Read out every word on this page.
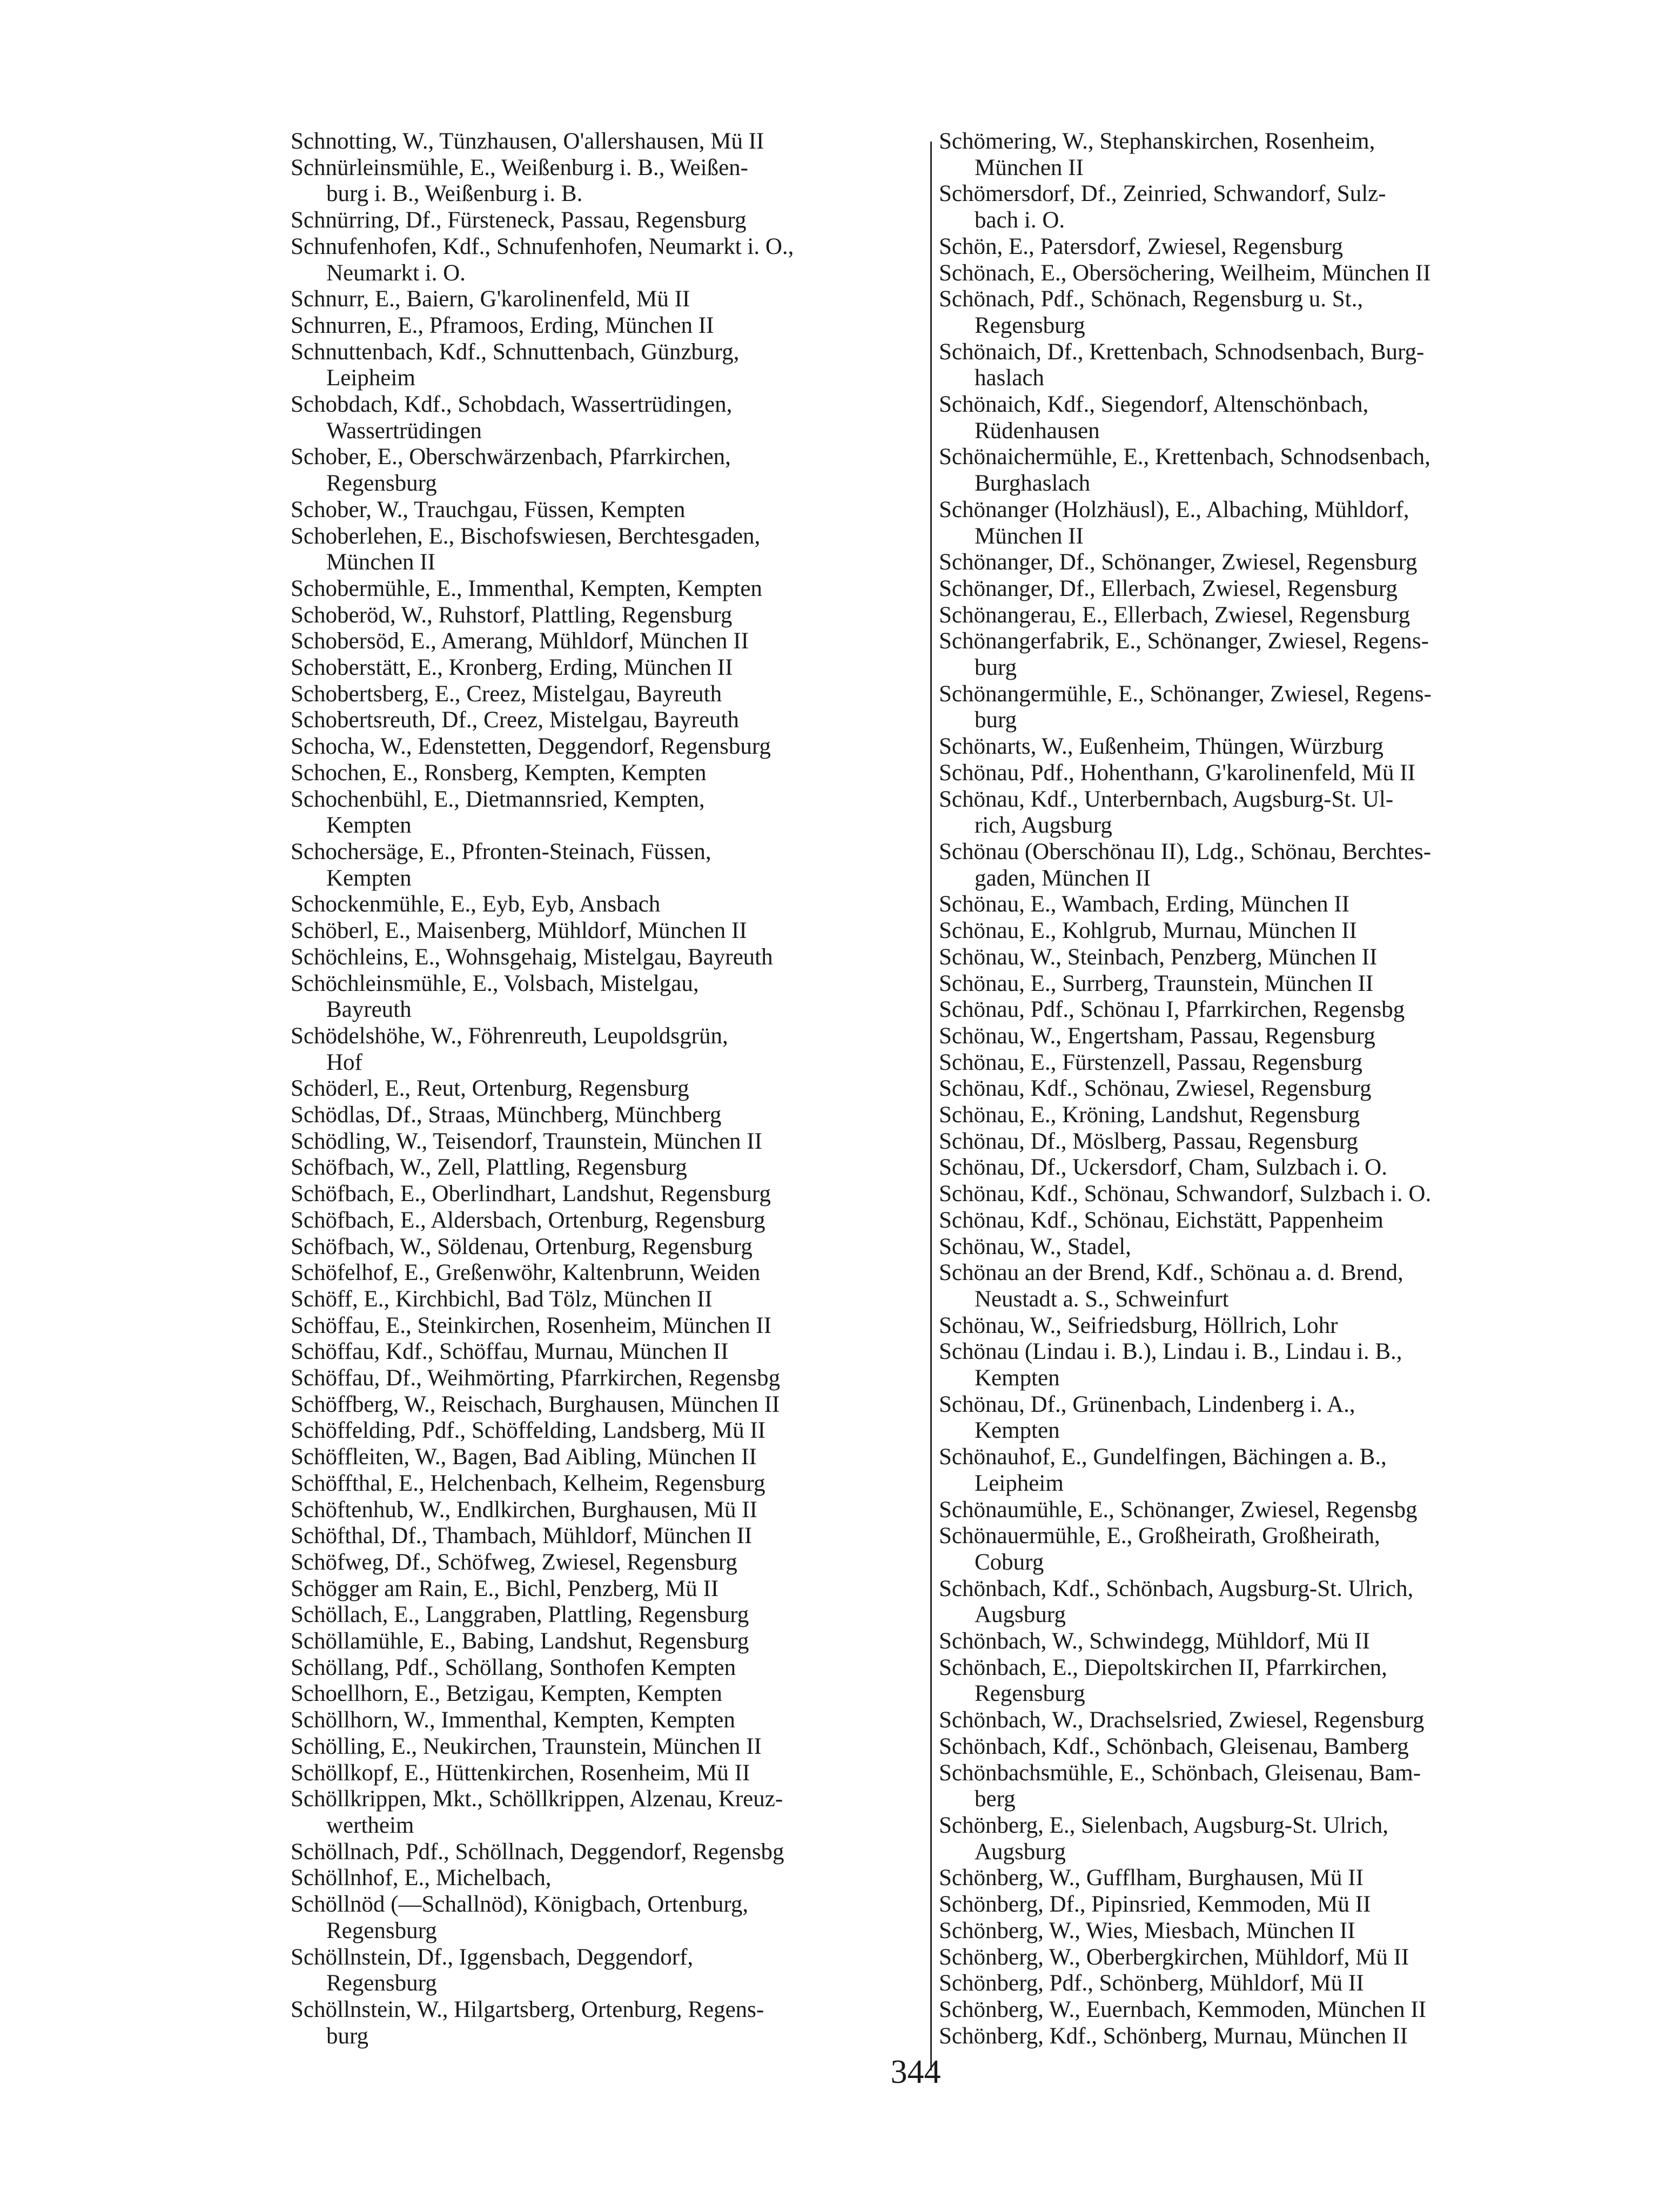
Schnotting, W., Tünzhausen, O'allershausen, Mü II
Schnürleinsmühle, E., Weißenburg i. B., Weißen-
burg i. B., Weißenburg i. B.
Schnürring, Df., Fürsteneck, Passau, Regensburg
Schnufenhofen, Kdf., Schnufenhofen, Neumarkt i. O.,
Neumarkt i. O.
Schnurr, E., Baiern, G'karolinenfeld, Mü II
Schnurren, E., Pframoos, Erding, München II
Schnuttenbach, Kdf., Schnuttenbach, Günzburg,
Leipheim
Schobdach, Kdf., Schobdach, Wassertrüdingen,
Wassertrüdingen
Schober, E., Oberschwärzenbach, Pfarrkirchen,
Regensburg
Schober, W., Trauchgau, Füssen, Kempten
Schoberlehen, E., Bischofswiesen, Berchtesgaden,
München II
Schobermühle, E., Immenthal, Kempten, Kempten
Schoberöd, W., Ruhstorf, Plattling, Regensburg
Schobersöd, E., Amerang, Mühldorf, München II
Schoberstätt, E., Kronberg, Erding, München II
Schobertsberg, E., Creez, Mistelgau, Bayreuth
Schobertsreuth, Df., Creez, Mistelgau, Bayreuth
Schocha, W., Edenstetten, Deggendorf, Regensburg
Schochen, E., Ronsberg, Kempten, Kempten
Schochenbühl, E., Dietmannsried, Kempten,
Kempten
Schochersäge, E., Pfronten-Steinach, Füssen,
Kempten
Schockenmühle, E., Eyb, Eyb, Ansbach
Schöberl, E., Maisenberg, Mühldorf, München II
Schöchleins, E., Wohnsgehaig, Mistelgau, Bayreuth
Schöchleinsmühle, E., Volsbach, Mistelgau,
Bayreuth
Schödelshöhe, W., Föhrenreuth, Leupoldsgrün,
Hof
Schöderl, E., Reut, Ortenburg, Regensburg
Schödlas, Df., Straas, Münchberg, Münchberg
Schödling, W., Teisendorf, Traunstein, München II
Schöfbach, W., Zell, Plattling, Regensburg
Schöfbach, E., Oberlindhart, Landshut, Regensburg
Schöfbach, E., Aldersbach, Ortenburg, Regensburg
Schöfbach, W., Söldenau, Ortenburg, Regensburg
Schöfelhof, E., Greßenwöhr, Kaltenbrunn, Weiden
Schöff, E., Kirchbichl, Bad Tölz, München II
Schöffau, E., Steinkirchen, Rosenheim, München II
Schöffau, Kdf., Schöffau, Murnau, München II
Schöffau, Df., Weihmörting, Pfarrkirchen, Regensbg
Schöffberg, W., Reischach, Burghausen, München II
Schöffelding, Pdf., Schöffelding, Landsberg, Mü II
Schöffleiten, W., Bagen, Bad Aibling, München II
Schöffthal, E., Helchenbach, Kelheim, Regensburg
Schöftenhub, W., Endlkirchen, Burghausen, Mü II
Schöfthal, Df., Thambach, Mühldorf, München II
Schöfweg, Df., Schöfweg, Zwiesel, Regensburg
Schögger am Rain, E., Bichl, Penzberg, Mü II
Schöllach, E., Langgraben, Plattling, Regensburg
Schöllamühle, E., Babing, Landshut, Regensburg
Schöllang, Pdf., Schöllang, Sonthofen Kempten
Schoellhorn, E., Betzigau, Kempten, Kempten
Schöllhorn, W., Immenthal, Kempten, Kempten
Schölling, E., Neukirchen, Traunstein, München II
Schöllkopf, E., Hüttenkirchen, Rosenheim, Mü II
Schöllkrippen, Mkt., Schöllkrippen, Alzenau, Kreuz-
wertheim
Schöllnach, Pdf., Schöllnach, Deggendorf, Regensbg
Schöllnhof, E., Michelbach,
Schöllnöd (—Schallnöd), Königbach, Ortenburg,
Regensburg
Schöllnstein, Df., Iggensbach, Deggendorf,
Regensburg
Schöllnstein, W., Hilgartsberg, Ortenburg, Regens-
burg
Schömering, W., Stephanskirchen, Rosenheim,
München II
Schömersdorf, Df., Zeinried, Schwandorf, Sulz-
bach i. O.
Schön, E., Patersdorf, Zwiesel, Regensburg
Schönach, E., Obersöchering, Weilheim, München II
Schönach, Pdf., Schönach, Regensburg u. St.,
Regensburg
Schönaich, Df., Krettenbach, Schnodsenbach, Burg-
haslach
Schönaich, Kdf., Siegendorf, Altenschönbach,
Rüdenhausen
Schönaichermühle, E., Krettenbach, Schnodsenbach,
Burghaslach
Schönanger (Holzhäusl), E., Albaching, Mühldorf,
München II
Schönanger, Df., Schönanger, Zwiesel, Regensburg
Schönanger, Df., Ellerbach, Zwiesel, Regensburg
Schönangerau, E., Ellerbach, Zwiesel, Regensburg
Schönangerfabrik, E., Schönanger, Zwiesel, Regens-
burg
Schönangermühle, E., Schönanger, Zwiesel, Regens-
burg
Schönarts, W., Eußenheim, Thüngen, Würzburg
Schönau, Pdf., Hohenthann, G'karolinenfeld, Mü II
Schönau, Kdf., Unterbernbach, Augsburg-St. Ul-
rich, Augsburg
Schönau (Oberschönau II), Ldg., Schönau, Berchtes-
gaden, München II
Schönau, E., Wambach, Erding, München II
Schönau, E., Kohlgrub, Murnau, München II
Schönau, W., Steinbach, Penzberg, München II
Schönau, E., Surrberg, Traunstein, München II
Schönau, Pdf., Schönau I, Pfarrkirchen, Regensbg
Schönau, W., Engertsham, Passau, Regensburg
Schönau, E., Fürstenzell, Passau, Regensburg
Schönau, Kdf., Schönau, Zwiesel, Regensburg
Schönau, E., Kröning, Landshut, Regensburg
Schönau, Df., Möslberg, Passau, Regensburg
Schönau, Df., Uckersdorf, Cham, Sulzbach i. O.
Schönau, Kdf., Schönau, Schwandorf, Sulzbach i. O.
Schönau, Kdf., Schönau, Eichstätt, Pappenheim
Schönau, W., Stadel,
Schönau an der Brend, Kdf., Schönau a. d. Brend,
Neustadt a. S., Schweinfurt
Schönau, W., Seifriedsburg, Höllrich, Lohr
Schönau (Lindau i. B.), Lindau i. B., Lindau i. B.,
Kempten
Schönau, Df., Grünenbach, Lindenberg i. A.,
Kempten
Schönauhof, E., Gundelfingen, Bächingen a. B.,
Leipheim
Schönaumühle, E., Schönanger, Zwiesel, Regensbg
Schönauermühle, E., Großheirath, Großheirath,
Coburg
Schönbach, Kdf., Schönbach, Augsburg-St. Ulrich,
Augsburg
Schönbach, W., Schwindegg, Mühldorf, Mü II
Schönbach, E., Diepoltskirchen II, Pfarrkirchen,
Regensburg
Schönbach, W., Drachselsried, Zwiesel, Regensburg
Schönbach, Kdf., Schönbach, Gleisenau, Bamberg
Schönbachsmühle, E., Schönbach, Gleisenau, Bam-
berg
Schönberg, E., Sielenbach, Augsburg-St. Ulrich,
Augsburg
Schönberg, W., Gufflham, Burghausen, Mü II
Schönberg, Df., Pipinsried, Kemmoden, Mü II
Schönberg, W., Wies, Miesbach, München II
Schönberg, W., Oberbergkirchen, Mühldorf, Mü II
Schönberg, Pdf., Schönberg, Mühldorf, Mü II
Schönberg, W., Euernbach, Kemmoden, München II
Schönberg, Kdf., Schönberg, Murnau, München II
344
